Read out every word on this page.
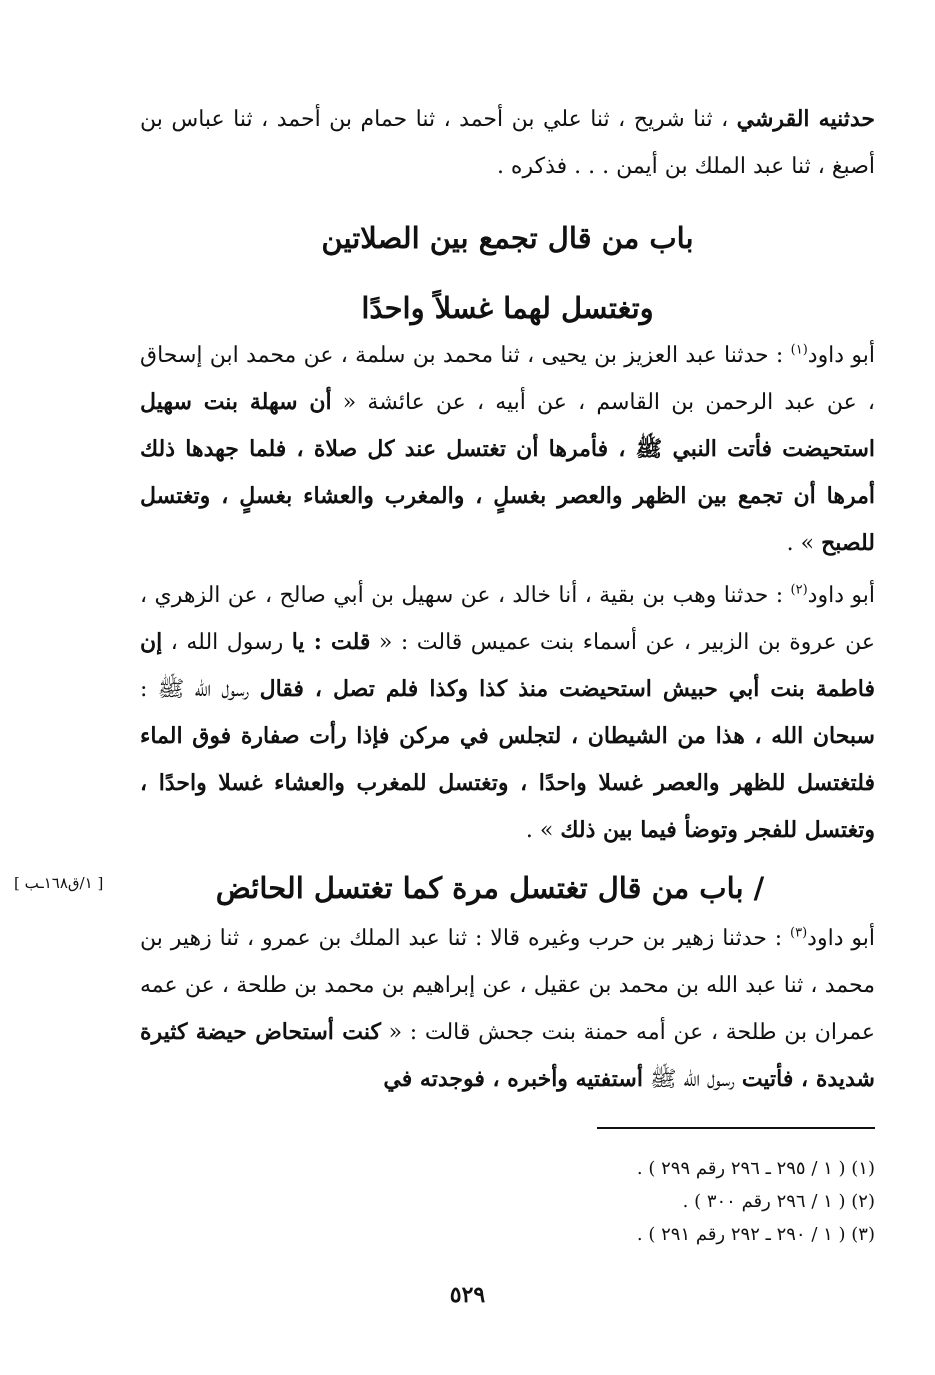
حدثنيه القرشي ، ثنا شريح ، ثنا علي بن أحمد ، ثنا حمام بن أحمد ، ثنا عباس بن أصبغ ، ثنا عبد الملك بن أيمن . . . فذكره .

باب من قال تجمع بين الصلاتين
وتغتسل لهما غسلاً واحدًا

أبو داود$^{(١)}$ : حدثنا عبد العزيز بن يحيى ، ثنا محمد بن سلمة ، عن محمد ابن إسحاق ، عن عبد الرحمن بن القاسم ، عن أبيه ، عن عائشة « أن سهلة بنت سهيل استحيضت فأتت النبي ﷺ ، فأمرها أن تغتسل عند كل صلاة ، فلما جهدها ذلك أمرها أن تجمع بين الظهر والعصر بغسلٍ ، والمغرب والعشاء بغسلٍ ، وتغتسل للصبح » .

أبو داود$^{(٢)}$ : حدثنا وهب بن بقية ، أنا خالد ، عن سهيل بن أبي صالح ، عن الزهري ، عن عروة بن الزبير ، عن أسماء بنت عميس قالت : « قلت : يا رسول الله ، إن فاطمة بنت أبي حبيش استحيضت منذ كذا وكذا فلم تصل ، فقال رسول الله ﷺ : سبحان الله ، هذا من الشيطان ، لتجلس في مركن فإذا رأت صفارة فوق الماء فلتغتسل للظهر والعصر غسلا واحدًا ، وتغتسل للمغرب والعشاء غسلا واحدًا ، وتغتسل للفجر وتوضأ فيما بين ذلك » .

/ باب من قال تغتسل مرة كما تغتسل الحائض
[ ١/ق١٦٨ـب ]

أبو داود$^{(٣)}$ : حدثنا زهير بن حرب وغيره قالا : ثنا عبد الملك بن عمرو ، ثنا زهير بن محمد ، ثنا عبد الله بن محمد بن عقيل ، عن إبراهيم بن محمد بن طلحة ، عن عمه عمران بن طلحة ، عن أمه حمنة بنت جحش قالت : « كنت أستحاض حيضة كثيرة شديدة ، فأتيت رسول الله ﷺ أستفتيه وأخبره ، فوجدته في

(١) ( ١ / ٢٩٥ ـ ٢٩٦ رقم ٢٩٩ ) .
(٢) ( ١ / ٢٩٦ رقم ٣٠٠ ) .
(٣) ( ١ / ٢٩٠ ـ ٢٩٢ رقم ٢٩١ ) .
٥٢٩
